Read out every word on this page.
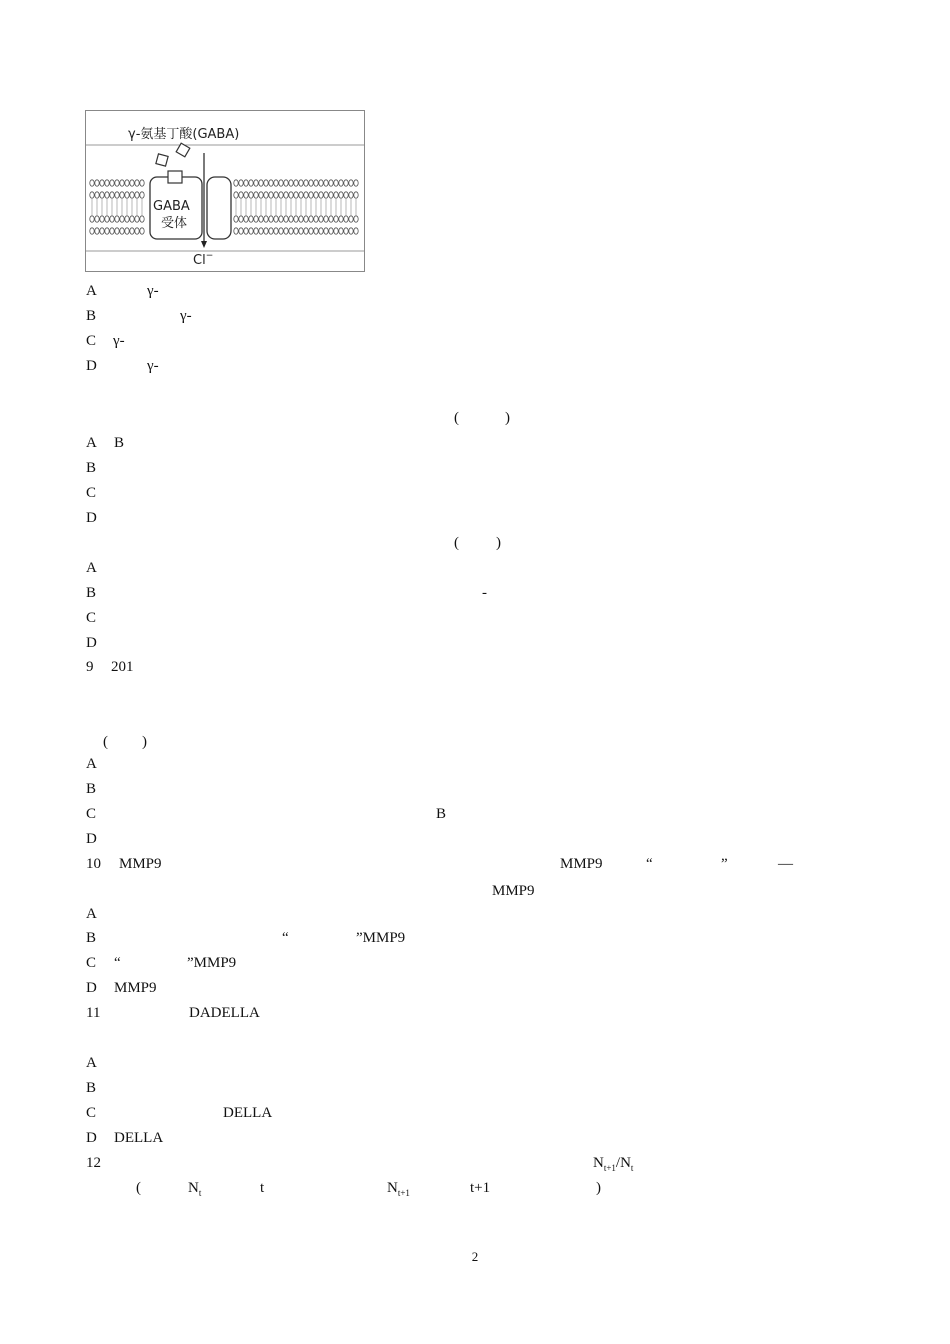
γ-氨基丁酸(GABA)
GABA
受体
Cl−
A	γ-
B	γ-
C γ-
D	γ-
(	)
A B
B
C
D
( )
A
B	-
C
D
9 201
( )
A
B
C	B
D
10 MMP9	MMP9	“	”	—
MMP9
A
B	“	”MMP9
C “	”MMP9
D MMP9
11	DADELLA
A
B
C	DELLA
D DELLA
12	$N_{t+1}/N_t$
(	$N_t$	t	$N_{t+1}$	t+1	)
2
